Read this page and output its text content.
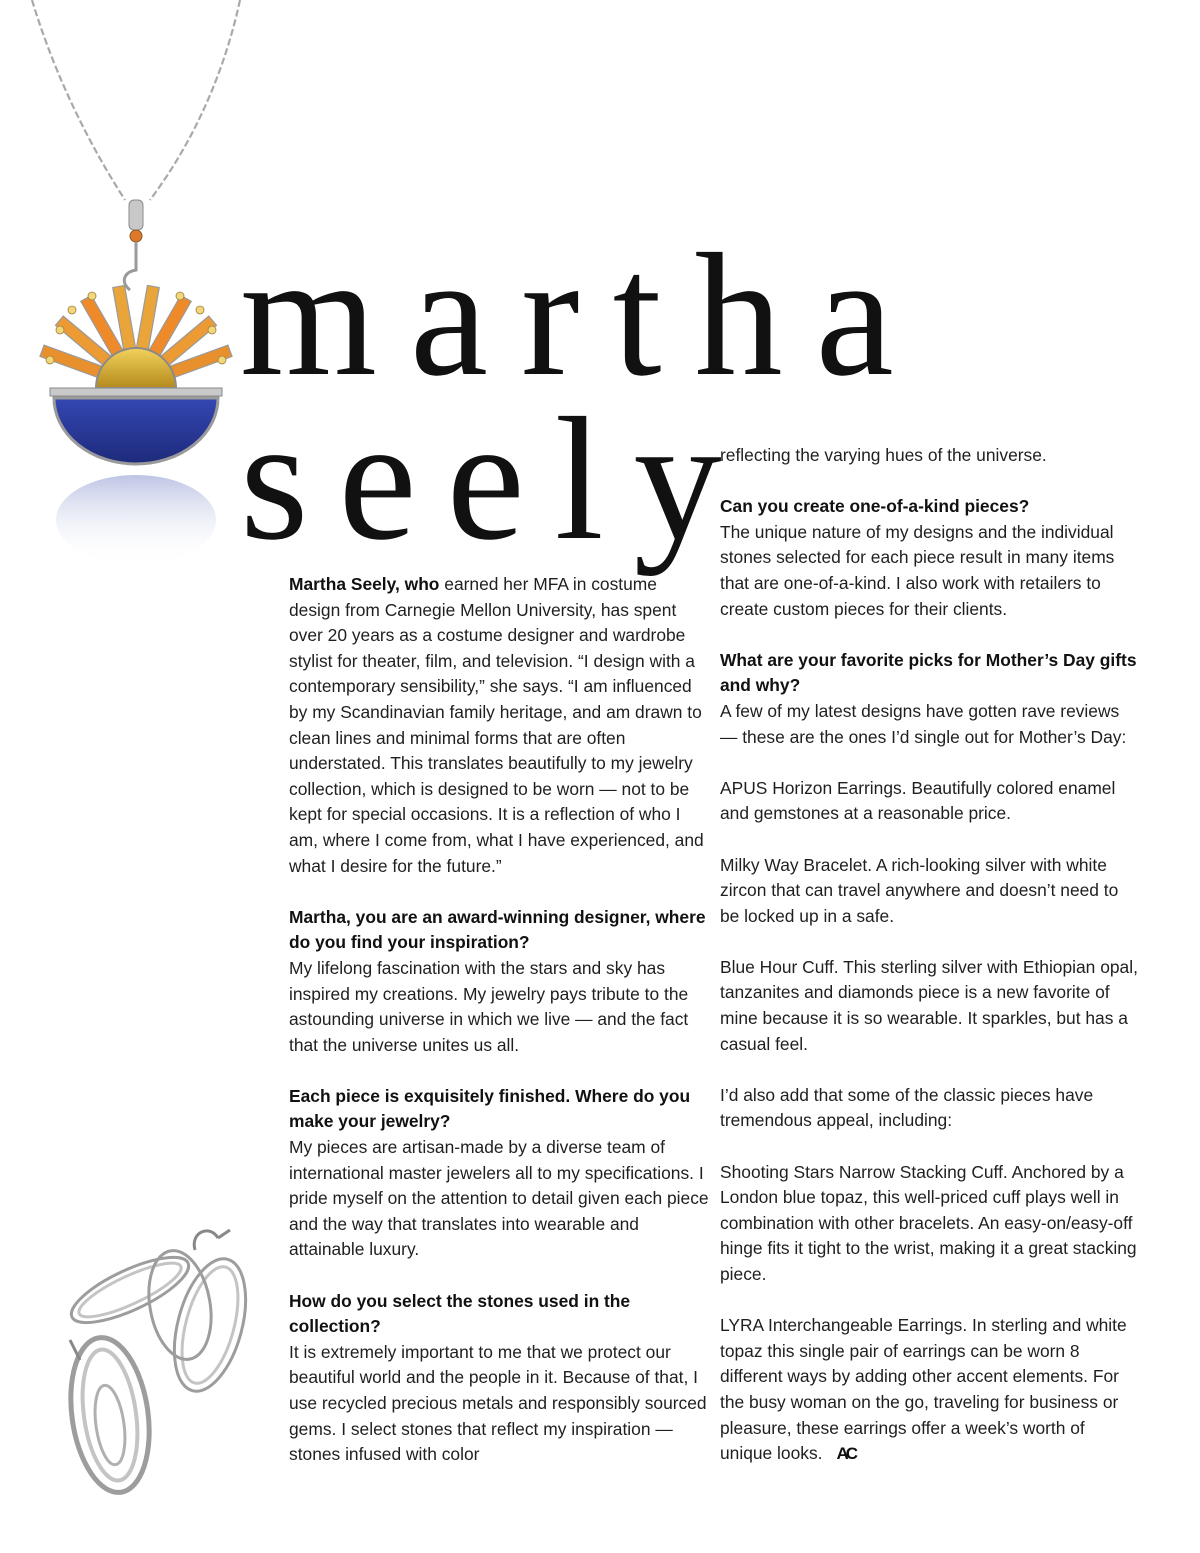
martha
seely

Martha Seely, who earned her MFA in costume design from Carnegie Mellon University, has spent over 20 years as a costume designer and wardrobe stylist for theater, film, and television. “I design with a contemporary sensibility,” she says. “I am influenced by my Scandinavian family heritage, and am drawn to clean lines and minimal forms that are often understated. This translates beautifully to my jewelry collection, which is designed to be worn — not to be kept for special occasions. It is a reflection of who I am, where I come from, what I have experienced, and what I desire for the future.”

Martha, you are an award-winning designer, where do you find your inspiration?
My lifelong fascination with the stars and sky has inspired my creations. My jewelry pays tribute to the astounding universe in which we live — and the fact that the universe unites us all.

Each piece is exquisitely finished. Where do you make your jewelry?
My pieces are artisan-made by a diverse team of international master jewelers all to my specifications. I pride myself on the attention to detail given each piece and the way that translates into wearable and attainable luxury.

How do you select the stones used in the collection?
It is extremely important to me that we protect our beautiful world and the people in it. Because of that, I use recycled precious metals and responsibly sourced gems. I select stones that reflect my inspiration — stones infused with color

reflecting the varying hues of the universe.

Can you create one-of-a-kind pieces?
The unique nature of my designs and the individual stones selected for each piece result in many items that are one-of-a-kind. I also work with retailers to create custom pieces for their clients.

What are your favorite picks for Mother’s Day gifts and why?
A few of my latest designs have gotten rave reviews — these are the ones I’d single out for Mother’s Day:

APUS Horizon Earrings. Beautifully colored enamel and gemstones at a reasonable price.

Milky Way Bracelet. A rich-looking silver with white zircon that can travel anywhere and doesn’t need to be locked up in a safe.

Blue Hour Cuff. This sterling silver with Ethiopian opal, tanzanites and diamonds piece is a new favorite of mine because it is so wearable. It sparkles, but has a casual feel.

I’d also add that some of the classic pieces have tremendous appeal, including:

Shooting Stars Narrow Stacking Cuff. Anchored by a London blue topaz, this well-priced cuff plays well in combination with other bracelets. An easy-on/easy-off hinge fits it tight to the wrist, making it a great stacking piece.

LYRA Interchangeable Earrings. In sterling and white topaz this single pair of earrings can be worn 8 different ways by adding other accent elements. For the busy woman on the go, traveling for business or pleasure, these earrings offer a week’s worth of unique looks. AC
